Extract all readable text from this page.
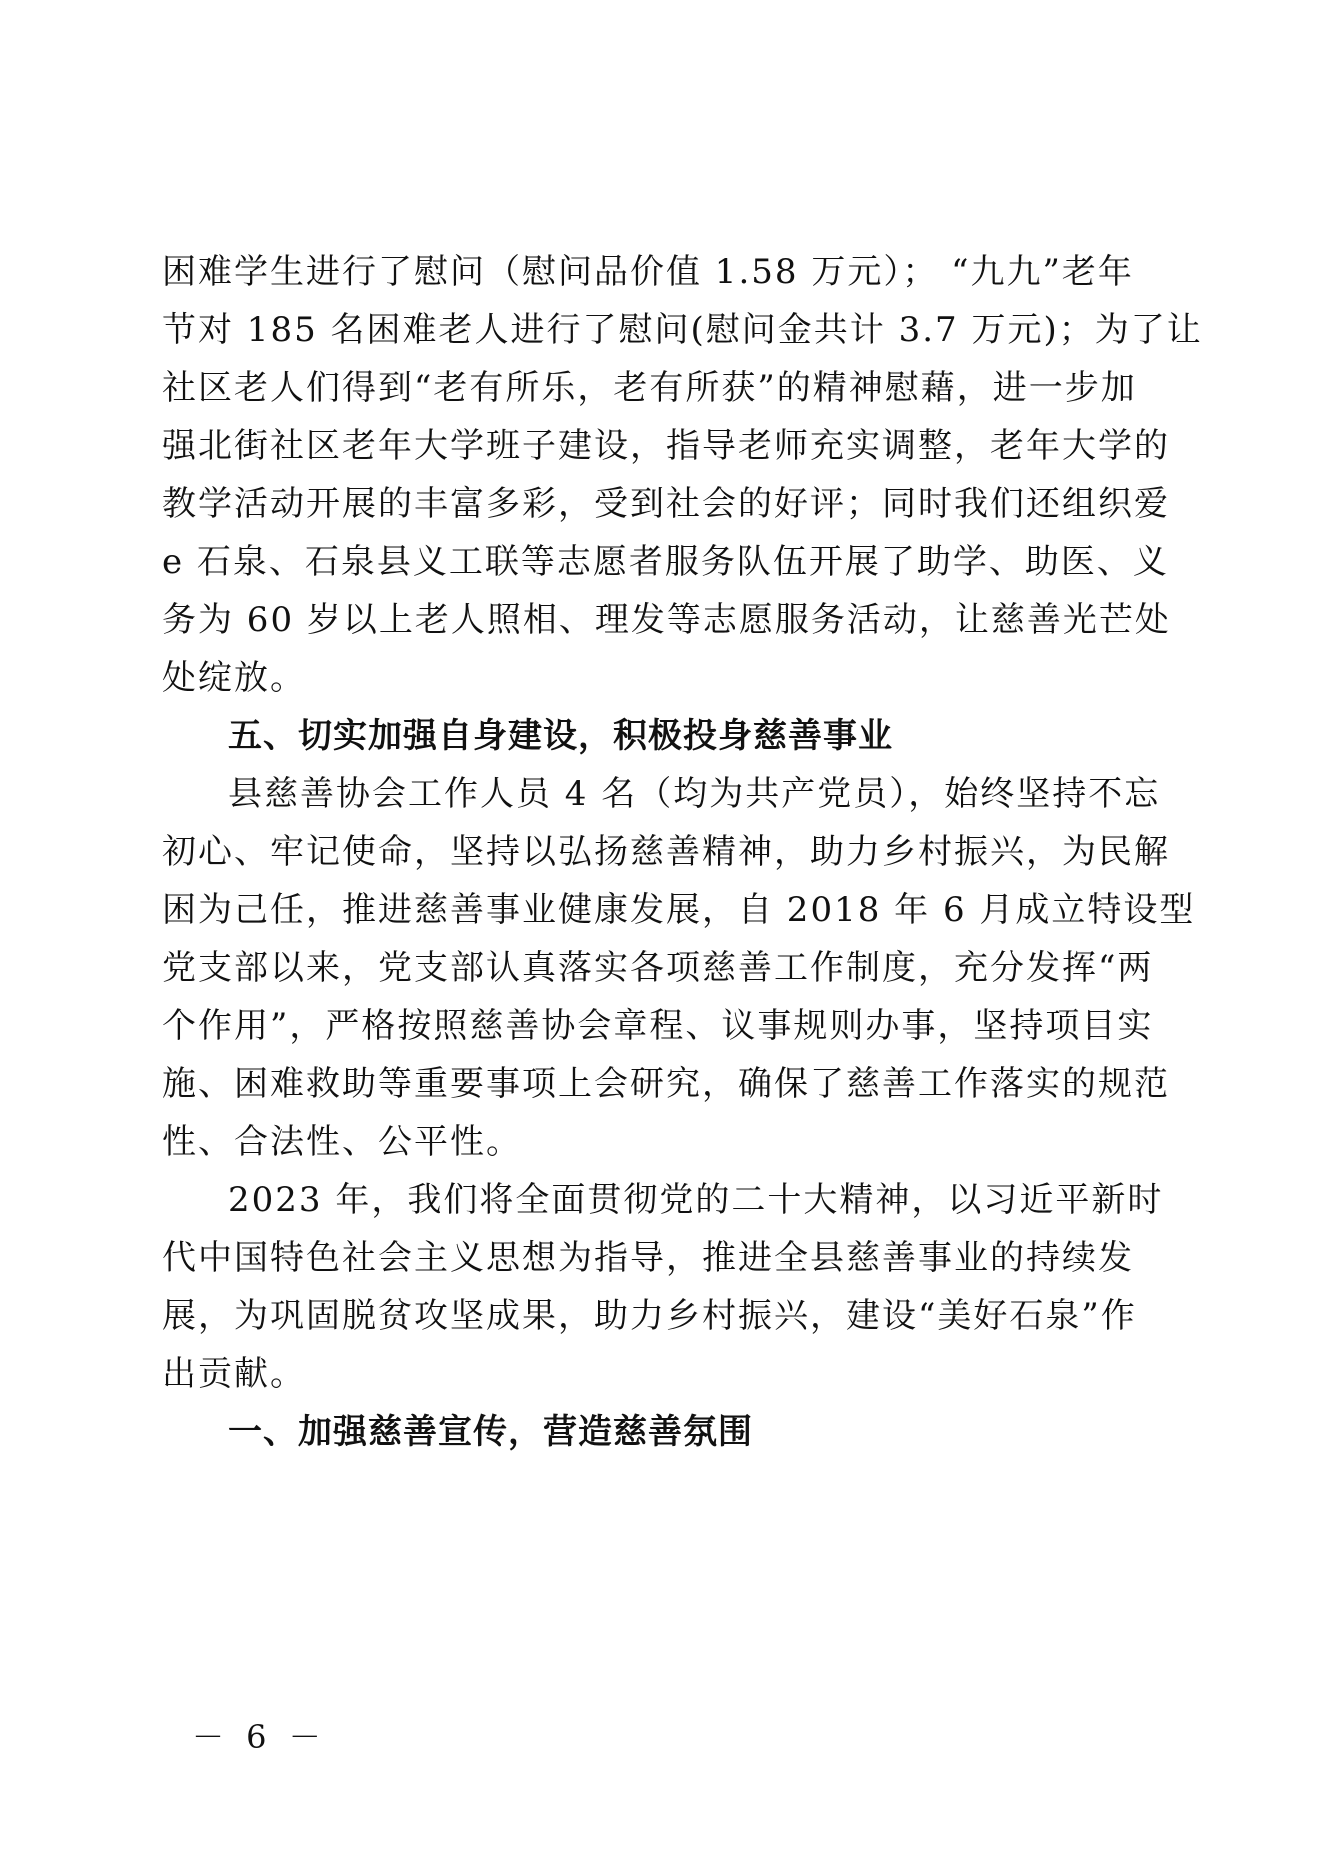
困难学生进行了慰问（慰问品价值 1.58 万元）； “九九”老年
节对 185 名困难老人进行了慰问(慰问金共计 3.7 万元)；为了让
社区老人们得到“老有所乐，老有所获”的精神慰藉，进一步加
强北街社区老年大学班子建设，指导老师充实调整，老年大学的
教学活动开展的丰富多彩，受到社会的好评；同时我们还组织爱
e 石泉、石泉县义工联等志愿者服务队伍开展了助学、助医、义
务为 60 岁以上老人照相、理发等志愿服务活动，让慈善光芒处
处绽放。
五、切实加强自身建设，积极投身慈善事业
县慈善协会工作人员 4 名（均为共产党员），始终坚持不忘
初心、牢记使命，坚持以弘扬慈善精神，助力乡村振兴，为民解
困为己任，推进慈善事业健康发展，自 2018 年 6 月成立特设型
党支部以来，党支部认真落实各项慈善工作制度，充分发挥“两
个作用”，严格按照慈善协会章程、议事规则办事，坚持项目实
施、困难救助等重要事项上会研究，确保了慈善工作落实的规范
性、合法性、公平性。
2023 年，我们将全面贯彻党的二十大精神，以习近平新时
代中国特色社会主义思想为指导，推进全县慈善事业的持续发
展，为巩固脱贫攻坚成果，助力乡村振兴，建设“美好石泉”作
出贡献。
一、加强慈善宣传，营造慈善氛围
－ 6 －
